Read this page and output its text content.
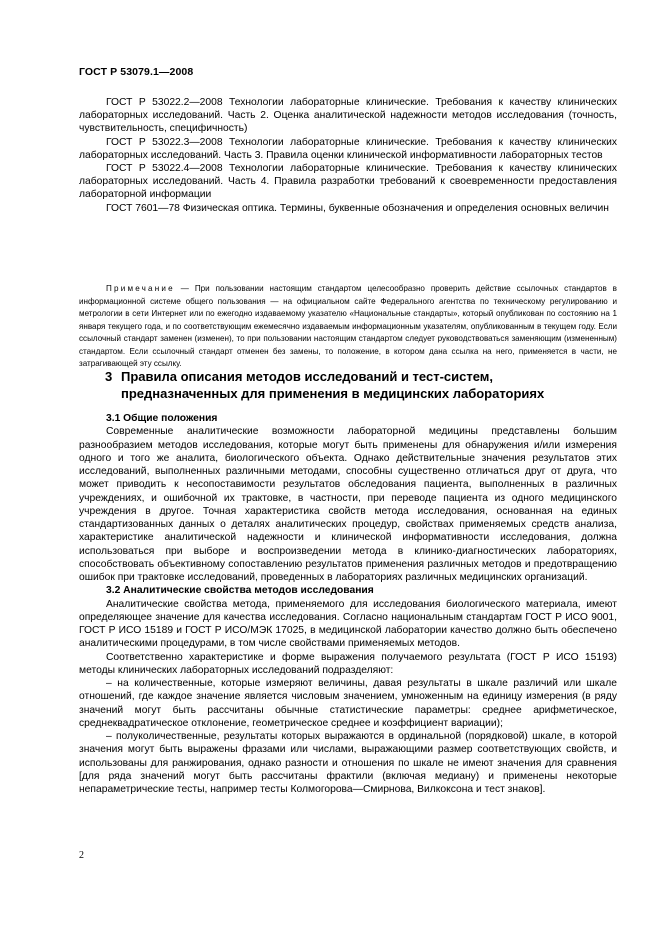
ГОСТ Р 53079.1—2008

ГОСТ Р 53022.2—2008 Технологии лабораторные клинические. Требования к качеству клинических лабораторных исследований. Часть 2. Оценка аналитической надежности методов исследования (точность, чувствительность, специфичность)

ГОСТ Р 53022.3—2008 Технологии лабораторные клинические. Требования к качеству клинических лабораторных исследований. Часть 3. Правила оценки клинической информативности лабораторных тестов

ГОСТ Р 53022.4—2008 Технологии лабораторные клинические. Требования к качеству клинических лабораторных исследований. Часть 4. Правила разработки требований к своевременности предоставления лабораторной информации

ГОСТ 7601—78 Физическая оптика. Термины, буквенные обозначения и определения основных величин

Примечание — При пользовании настоящим стандартом целесообразно проверить действие ссылочных стандартов в информационной системе общего пользования — на официальном сайте Федерального агентства по техническому регулированию и метрологии в сети Интернет или по ежегодно издаваемому указателю «Национальные стандарты», который опубликован по состоянию на 1 января текущего года, и по соответствующим ежемесячно издаваемым информационным указателям, опубликованным в текущем году. Если ссылочный стандарт заменен (изменен), то при пользовании настоящим стандартом следует руководствоваться заменяющим (измененным) стандартом. Если ссылочный стандарт отменен без замены, то положение, в котором дана ссылка на него, применяется в части, не затрагивающей эту ссылку.

3 Правила описания методов исследований и тест-систем,
предназначенных для применения в медицинских лабораториях
3.1 Общие положения

Современные аналитические возможности лабораторной медицины представлены большим разнообразием методов исследования, которые могут быть применены для обнаружения и/или измерения одного и того же аналита, биологического объекта. Однако действительные значения результатов этих исследований, выполненных различными методами, способны существенно отличаться друг от друга, что может приводить к несопоставимости результатов обследования пациента, выполненных в различных учреждениях, и ошибочной их трактовке, в частности, при переводе пациента из одного медицинского учреждения в другое. Точная характеристика свойств метода исследования, основанная на единых стандартизованных данных о деталях аналитических процедур, свойствах применяемых средств анализа, характеристике аналитической надежности и клинической информативности исследования, должна использоваться при выборе и воспроизведении метода в клинико-диагностических лабораториях, способствовать объективному сопоставлению результатов применения различных методов и предотвращению ошибок при трактовке исследований, проведенных в лабораториях различных медицинских организаций.

3.2 Аналитические свойства методов исследования

Аналитические свойства метода, применяемого для исследования биологического материала, имеют определяющее значение для качества исследования. Согласно национальным стандартам ГОСТ Р ИСО 9001, ГОСТ Р ИСО 15189 и ГОСТ Р ИСО/МЭК 17025, в медицинской лаборатории качество должно быть обеспечено аналитическими процедурами, в том числе свойствами применяемых методов.

Соответственно характеристике и форме выражения получаемого результата (ГОСТ Р ИСО 15193) методы клинических лабораторных исследований подразделяют:

– на количественные, которые измеряют величины, давая результаты в шкале различий или шкале отношений, где каждое значение является числовым значением, умноженным на единицу измерения (в ряду значений могут быть рассчитаны обычные статистические параметры: среднее арифметическое, среднеквадратическое отклонение, геометрическое среднее и коэффициент вариации);

– полуколичественные, результаты которых выражаются в ординальной (порядковой) шкале, в которой значения могут быть выражены фразами или числами, выражающими размер соответствующих свойств, и использованы для ранжирования, однако разности и отношения по шкале не имеют значения для сравнения [для ряда значений могут быть рассчитаны фрактили (включая медиану) и применены некоторые непараметрические тесты, например тесты Колмогорова—Смирнова, Вилкоксона и тест знаков].

2
